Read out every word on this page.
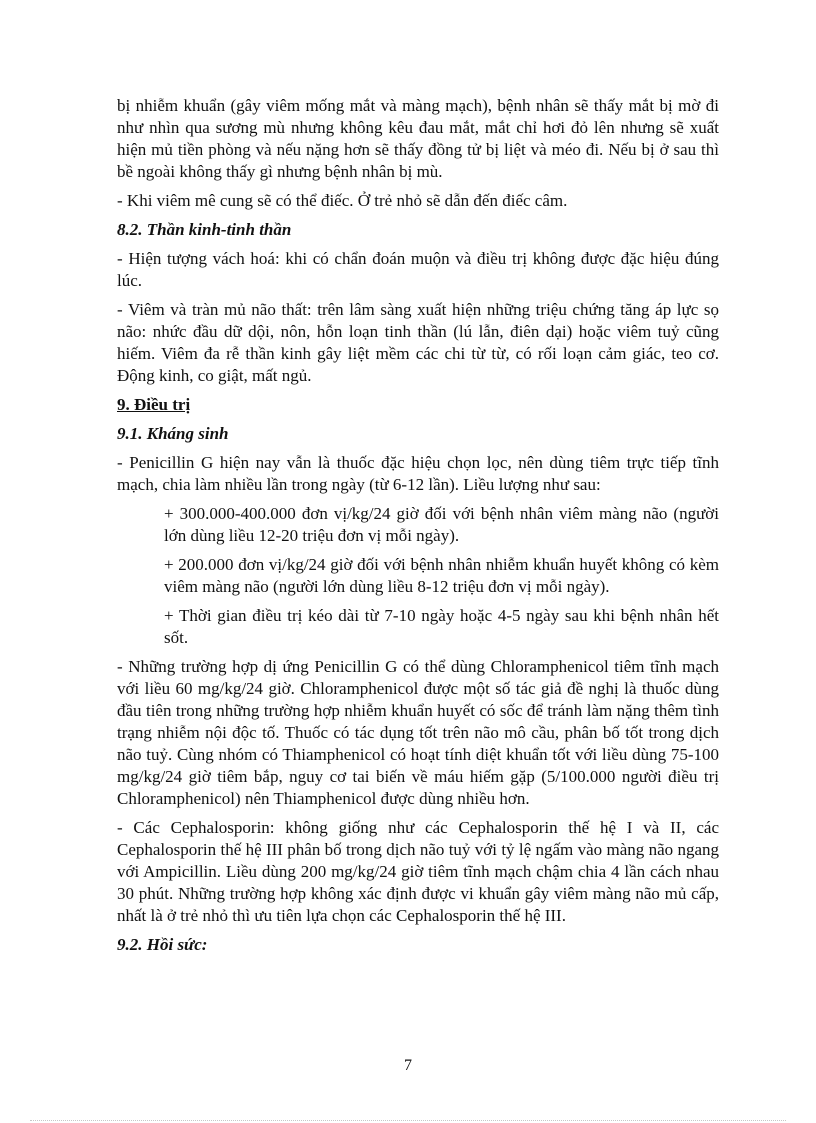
bị nhiễm khuẩn (gây viêm mống mắt và màng mạch), bệnh nhân sẽ thấy mắt bị mờ đi như nhìn qua sương mù nhưng không kêu đau mắt, mắt chỉ hơi đỏ lên nhưng sẽ xuất hiện mủ tiền phòng và nếu nặng hơn sẽ thấy đồng tử bị liệt và méo đi. Nếu bị ở sau thì bề ngoài không thấy gì nhưng bệnh nhân bị mù.

- Khi viêm mê cung sẽ có thể điếc. Ở trẻ nhỏ sẽ dẫn đến điếc câm.

8.2. Thần kinh-tinh thần

- Hiện tượng vách hoá: khi có chẩn đoán muộn và điều trị không được đặc hiệu đúng lúc.

- Viêm và tràn mủ não thất: trên lâm sàng xuất hiện những triệu chứng tăng áp lực sọ não: nhức đầu dữ dội, nôn, hỗn loạn tinh thần (lú lẫn, điên dại) hoặc viêm tuỷ cũng hiếm. Viêm đa rễ thần kinh gây liệt mềm các chi từ từ, có rối loạn cảm giác, teo cơ. Động kinh, co giật, mất ngủ.

9. Điều trị

9.1. Kháng sinh

- Penicillin G hiện nay vẫn là thuốc đặc hiệu chọn lọc, nên dùng tiêm trực tiếp tĩnh mạch, chia làm nhiều lần trong ngày (từ 6-12 lần). Liều lượng như sau:

+ 300.000-400.000 đơn vị/kg/24 giờ đối với bệnh nhân viêm màng não (người lớn dùng liều 12-20 triệu đơn vị mỗi ngày).

+ 200.000 đơn vị/kg/24 giờ đối với bệnh nhân nhiễm khuẩn huyết không có kèm viêm màng não (người lớn dùng liều 8-12 triệu đơn vị mỗi ngày).

+ Thời gian điều trị kéo dài từ 7-10 ngày hoặc 4-5 ngày sau khi bệnh nhân hết sốt.

- Những trường hợp dị ứng Penicillin G có thể dùng Chloramphenicol tiêm tĩnh mạch với liều 60 mg/kg/24 giờ. Chloramphenicol được một số tác giả đề nghị là thuốc dùng đầu tiên trong những trường hợp nhiễm khuẩn huyết có sốc để tránh làm nặng thêm tình trạng nhiễm nội độc tố. Thuốc có tác dụng tốt trên não mô cầu, phân bố tốt trong dịch não tuỷ. Cùng nhóm có Thiamphenicol có hoạt tính diệt khuẩn tốt với liều dùng 75-100 mg/kg/24 giờ tiêm bắp, nguy cơ tai biến về máu hiếm gặp (5/100.000 người điều trị Chloramphenicol) nên Thiamphenicol được dùng nhiều hơn.

- Các Cephalosporin: không giống như các Cephalosporin thế hệ I và II, các Cephalosporin thế hệ III phân bố trong dịch não tuỷ với tỷ lệ ngấm vào màng não ngang với Ampicillin. Liều dùng 200 mg/kg/24 giờ tiêm tĩnh mạch chậm chia 4 lần cách nhau 30 phút. Những trường hợp không xác định được vi khuẩn gây viêm màng não mủ cấp, nhất là ở trẻ nhỏ thì ưu tiên lựa chọn các Cephalosporin thế hệ III.

9.2. Hồi sức:

7
